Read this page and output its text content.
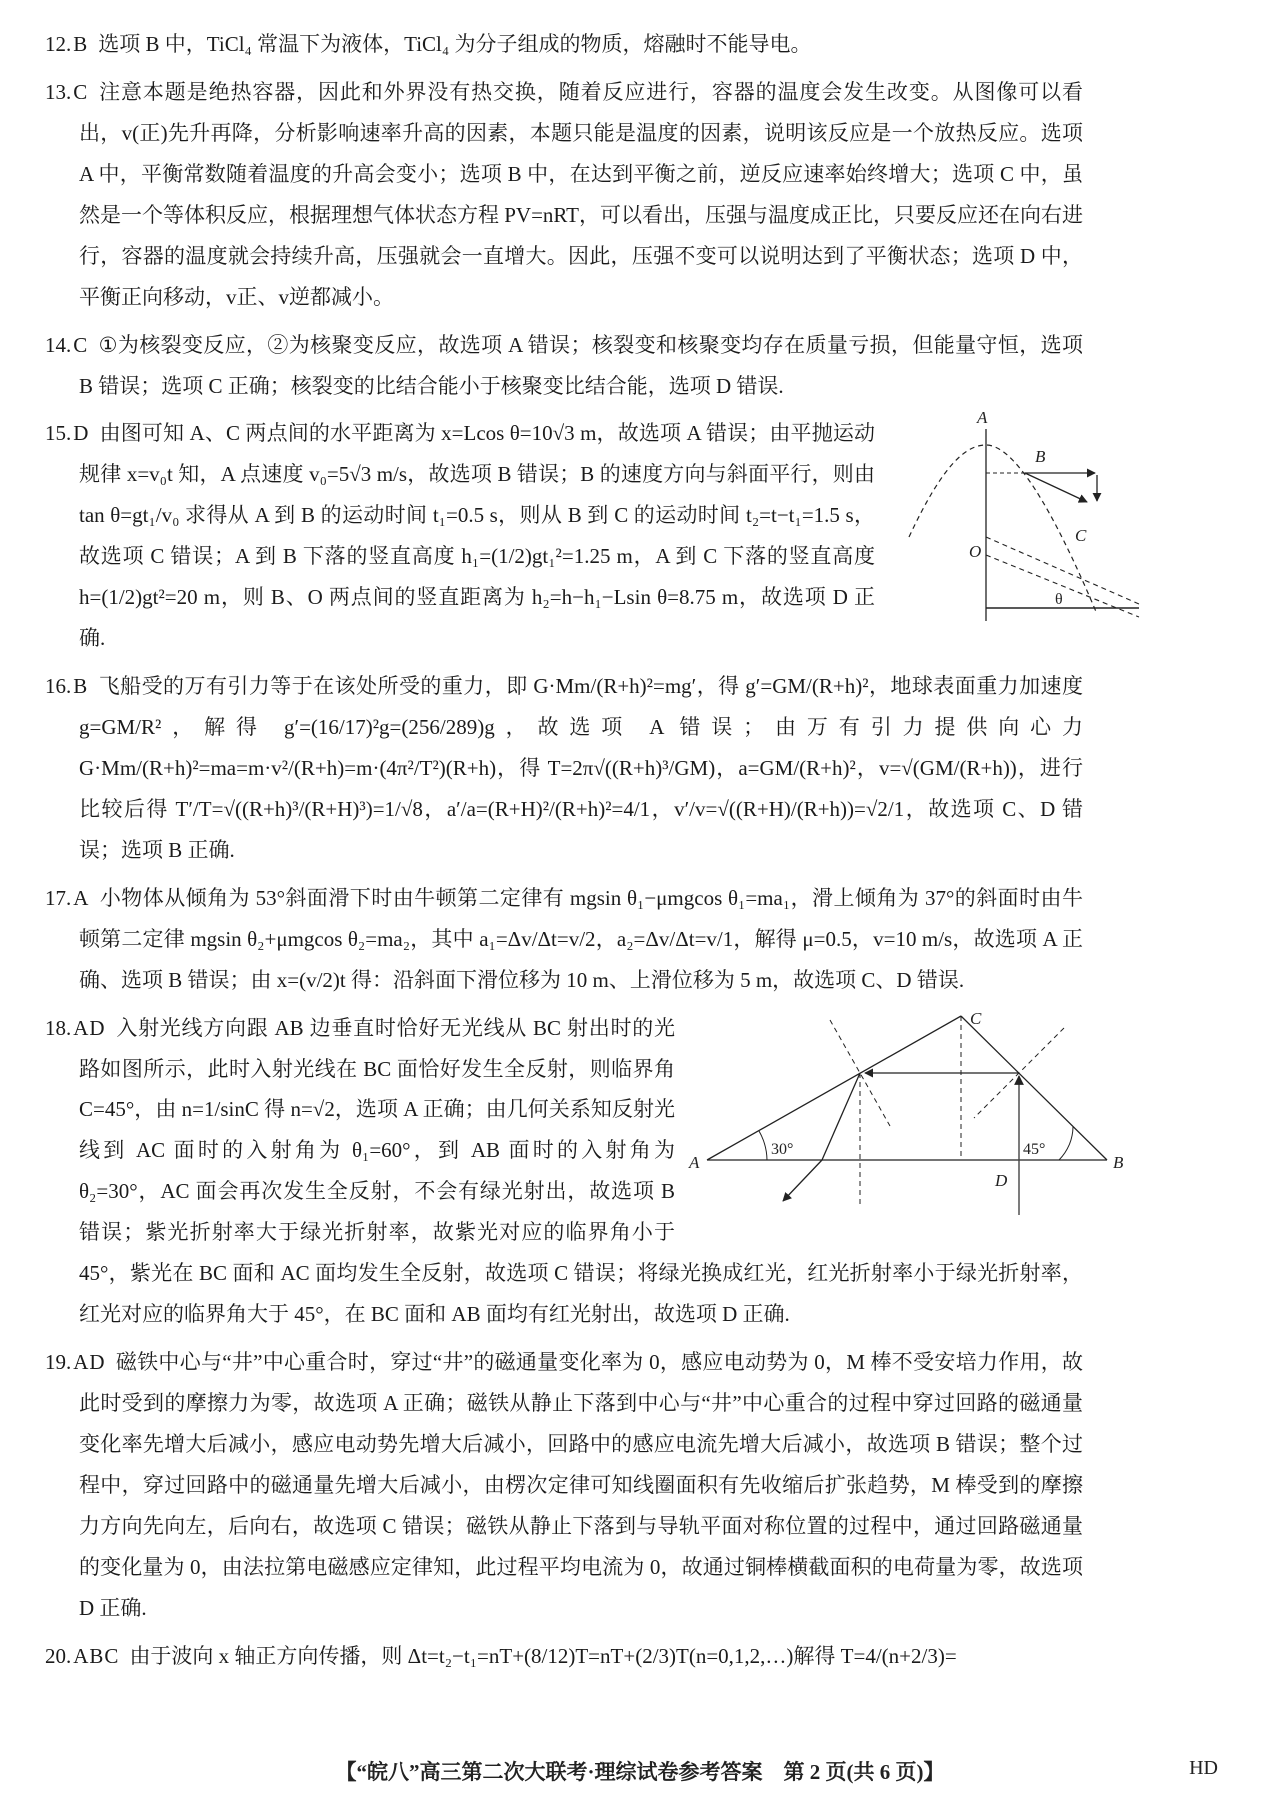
12.B 选项 B 中，TiCl₄ 常温下为液体，TiCl₄ 为分子组成的物质，熔融时不能导电。
13.C 注意本题是绝热容器，因此和外界没有热交换，随着反应进行，容器的温度会发生改变。从图像可以看出，v(正)先升再降，分析影响速率升高的因素，本题只能是温度的因素，说明该反应是一个放热反应。选项 A 中，平衡常数随着温度的升高会变小；选项 B 中，在达到平衡之前，逆反应速率始终增大；选项 C 中，虽然是一个等体积反应，根据理想气体状态方程 PV=nRT，可以看出，压强与温度成正比，只要反应还在向右进行，容器的温度就会持续升高，压强就会一直增大。因此，压强不变可以说明达到了平衡状态；选项 D 中，平衡正向移动，v正、v逆都减小。
14.C ①为核裂变反应，②为核聚变反应，故选项 A 错误；核裂变和核聚变均存在质量亏损，但能量守恒，选项 B 错误；选项 C 正确；核裂变的比结合能小于核聚变比结合能，选项 D 错误.
A
B
O
C
θ
15.D 由图可知 A、C 两点间的水平距离为 x=Lcos θ=10√3 m，故选项 A 错误；由平抛运动规律 x=v₀t 知，A 点速度 v₀=5√3 m/s，故选项 B 错误；B 的速度方向与斜面平行，则由 tan θ=gt₁/v₀ 求得从 A 到 B 的运动时间 t₁=0.5 s，则从 B 到 C 的运动时间 t₂=t−t₁=1.5 s，故选项 C 错误；A 到 B 下落的竖直高度 h₁=(1/2)gt₁²=1.25 m，A 到 C 下落的竖直高度 h=(1/2)gt²=20 m，则 B、O 两点间的竖直距离为 h₂=h−h₁−Lsin θ=8.75 m，故选项 D 正确.
16.B 飞船受的万有引力等于在该处所受的重力，即 G·Mm/(R+h)²=mg′，得 g′=GM/(R+h)²，地球表面重力加速度 g=GM/R²，解得 g′=(16/17)²g=(256/289)g，故选项 A 错误；由万有引力提供向心力 G·Mm/(R+h)²=ma=m·v²/(R+h)=m·(4π²/T²)(R+h)，得 T=2π√((R+h)³/GM)，a=GM/(R+h)²，v=√(GM/(R+h))，进行比较后得 T′/T=√((R+h)³/(R+H)³)=1/√8，a′/a=(R+H)²/(R+h)²=4/1，v′/v=√((R+H)/(R+h))=√2/1，故选项 C、D 错误；选项 B 正确.
17.A 小物体从倾角为 53°斜面滑下时由牛顿第二定律有 mgsin θ₁−μmgcos θ₁=ma₁，滑上倾角为 37°的斜面时由牛顿第二定律 mgsin θ₂+μmgcos θ₂=ma₂，其中 a₁=Δv/Δt=v/2，a₂=Δv/Δt=v/1，解得 μ=0.5，v=10 m/s，故选项 A 正确、选项 B 错误；由 x=(v/2)t 得：沿斜面下滑位移为 10 m、上滑位移为 5 m，故选项 C、D 错误.
C
A	B
D
30°	45°
18.AD 入射光线方向跟 AB 边垂直时恰好无光线从 BC 射出时的光路如图所示，此时入射光线在 BC 面恰好发生全反射，则临界角 C=45°，由 n=1/sinC 得 n=√2，选项 A 正确；由几何关系知反射光线到 AC 面时的入射角为 θ₁=60°，到 AB 面时的入射角为 θ₂=30°，AC 面会再次发生全反射，不会有绿光射出，故选项 B 错误；紫光折射率大于绿光折射率，故紫光对应的临界角小于 45°，紫光在 BC 面和 AC 面均发生全反射，故选项 C 错误；将绿光换成红光，红光折射率小于绿光折射率，红光对应的临界角大于 45°，在 BC 面和 AB 面均有红光射出，故选项 D 正确.
19.AD 磁铁中心与“井”中心重合时，穿过“井”的磁通量变化率为 0，感应电动势为 0，M 棒不受安培力作用，故此时受到的摩擦力为零，故选项 A 正确；磁铁从静止下落到中心与“井”中心重合的过程中穿过回路的磁通量变化率先增大后减小，感应电动势先增大后减小，回路中的感应电流先增大后减小，故选项 B 错误；整个过程中，穿过回路中的磁通量先增大后减小，由楞次定律可知线圈面积有先收缩后扩张趋势，M 棒受到的摩擦力方向先向左，后向右，故选项 C 错误；磁铁从静止下落到与导轨平面对称位置的过程中，通过回路磁通量的变化量为 0，由法拉第电磁感应定律知，此过程平均电流为 0，故通过铜棒横截面积的电荷量为零，故选项 D 正确.
20.ABC 由于波向 x 轴正方向传播，则 Δt=t₂−t₁=nT+(8/12)T=nT+(2/3)T(n=0,1,2,…)解得 T=4/(n+2/3)=
【“皖八”高三第二次大联考·理综试卷参考答案　第 2 页(共 6 页)】	HD
